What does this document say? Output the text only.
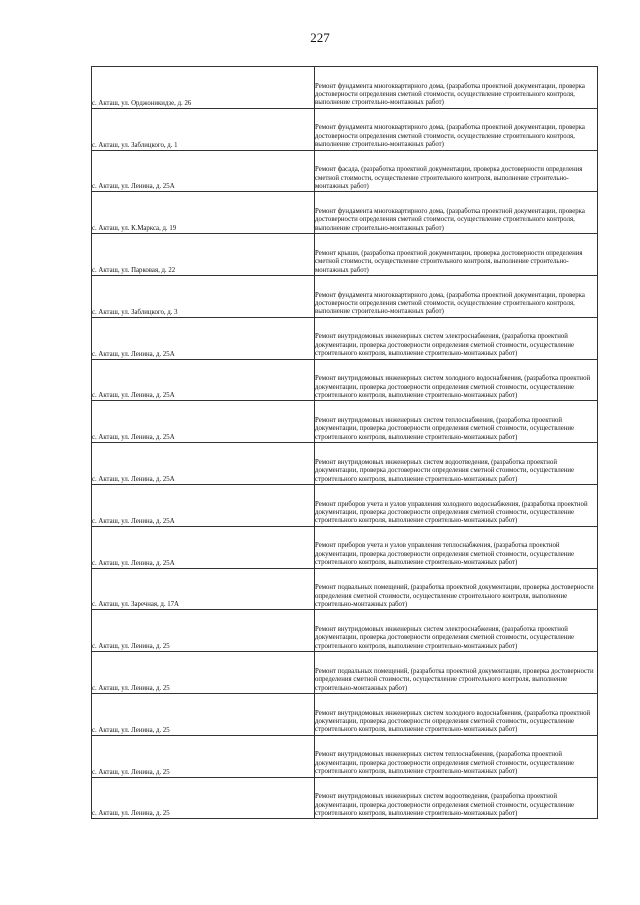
227
с. Акташ, ул. Орджоникидзе, д. 26	Ремонт фундамента многоквартирного дома, (разработка проектной документации, проверка достоверности определения сметной стоимости, осуществление строительного контроля, выполнение строительно-монтажных работ)
с. Акташ, ул. Заблицкого, д. 1	Ремонт фундамента многоквартирного дома, (разработка проектной документации, проверка достоверности определения сметной стоимости, осуществление строительного контроля, выполнение строительно-монтажных работ)
с. Акташ, ул. Ленина, д. 25А	Ремонт фасада, (разработка проектной документации, проверка достоверности определения сметной стоимости, осуществление строительного контроля, выполнение строительно-монтажных работ)
с. Акташ, ул. К.Маркса, д. 19	Ремонт фундамента многоквартирного дома, (разработка проектной документации, проверка достоверности определения сметной стоимости, осуществление строительного контроля, выполнение строительно-монтажных работ)
с. Акташ, ул. Парковая, д. 22	Ремонт крыши, (разработка проектной документации, проверка достоверности определения сметной стоимости, осуществление строительного контроля, выполнение строительно-монтажных работ)
с. Акташ, ул. Заблицкого, д. 3	Ремонт фундамента многоквартирного дома, (разработка проектной документации, проверка достоверности определения сметной стоимости, осуществление строительного контроля, выполнение строительно-монтажных работ)
с. Акташ, ул. Ленина, д. 25А	Ремонт внутридомовых инженерных систем электроснабжения, (разработка проектной документации, проверка достоверности определения сметной стоимости, осуществление строительного контроля, выполнение строительно-монтажных работ)
с. Акташ, ул. Ленина, д. 25А	Ремонт внутридомовых инженерных систем холодного водоснабжения, (разработка проектной документации, проверка достоверности определения сметной стоимости, осуществление строительного контроля, выполнение строительно-монтажных работ)
с. Акташ, ул. Ленина, д. 25А	Ремонт внутридомовых инженерных систем теплоснабжения, (разработка проектной документации, проверка достоверности определения сметной стоимости, осуществление строительного контроля, выполнение строительно-монтажных работ)
с. Акташ, ул. Ленина, д. 25А	Ремонт внутридомовых инженерных систем водоотведения, (разработка проектной документации, проверка достоверности определения сметной стоимости, осуществление строительного контроля, выполнение строительно-монтажных работ)
с. Акташ, ул. Ленина, д. 25А	Ремонт приборов учета и узлов управления холодного водоснабжения, (разработка проектной документации, проверка достоверности определения сметной стоимости, осуществление строительного контроля, выполнение строительно-монтажных работ)
с. Акташ, ул. Ленина, д. 25А	Ремонт приборов учета и узлов управления теплоснабжения, (разработка проектной документации, проверка достоверности определения сметной стоимости, осуществление строительного контроля, выполнение строительно-монтажных работ)
с. Акташ, ул. Заречная, д. 17А	Ремонт подвальных помещений, (разработка проектной документации, проверка достоверности определения сметной стоимости, осуществление строительного контроля, выполнение строительно-монтажных работ)
с. Акташ, ул. Ленина, д. 25	Ремонт внутридомовых инженерных систем электроснабжения, (разработка проектной документации, проверка достоверности определения сметной стоимости, осуществление строительного контроля, выполнение строительно-монтажных работ)
с. Акташ, ул. Ленина, д. 25	Ремонт подвальных помещений, (разработка проектной документации, проверка достоверности определения сметной стоимости, осуществление строительного контроля, выполнение строительно-монтажных работ)
с. Акташ, ул. Ленина, д. 25	Ремонт внутридомовых инженерных систем холодного водоснабжения, (разработка проектной документации, проверка достоверности определения сметной стоимости, осуществление строительного контроля, выполнение строительно-монтажных работ)
с. Акташ, ул. Ленина, д. 25	Ремонт внутридомовых инженерных систем теплоснабжения, (разработка проектной документации, проверка достоверности определения сметной стоимости, осуществление строительного контроля, выполнение строительно-монтажных работ)
с. Акташ, ул. Ленина, д. 25	Ремонт внутридомовых инженерных систем водоотведения, (разработка проектной документации, проверка достоверности определения сметной стоимости, осуществление строительного контроля, выполнение строительно-монтажных работ)
